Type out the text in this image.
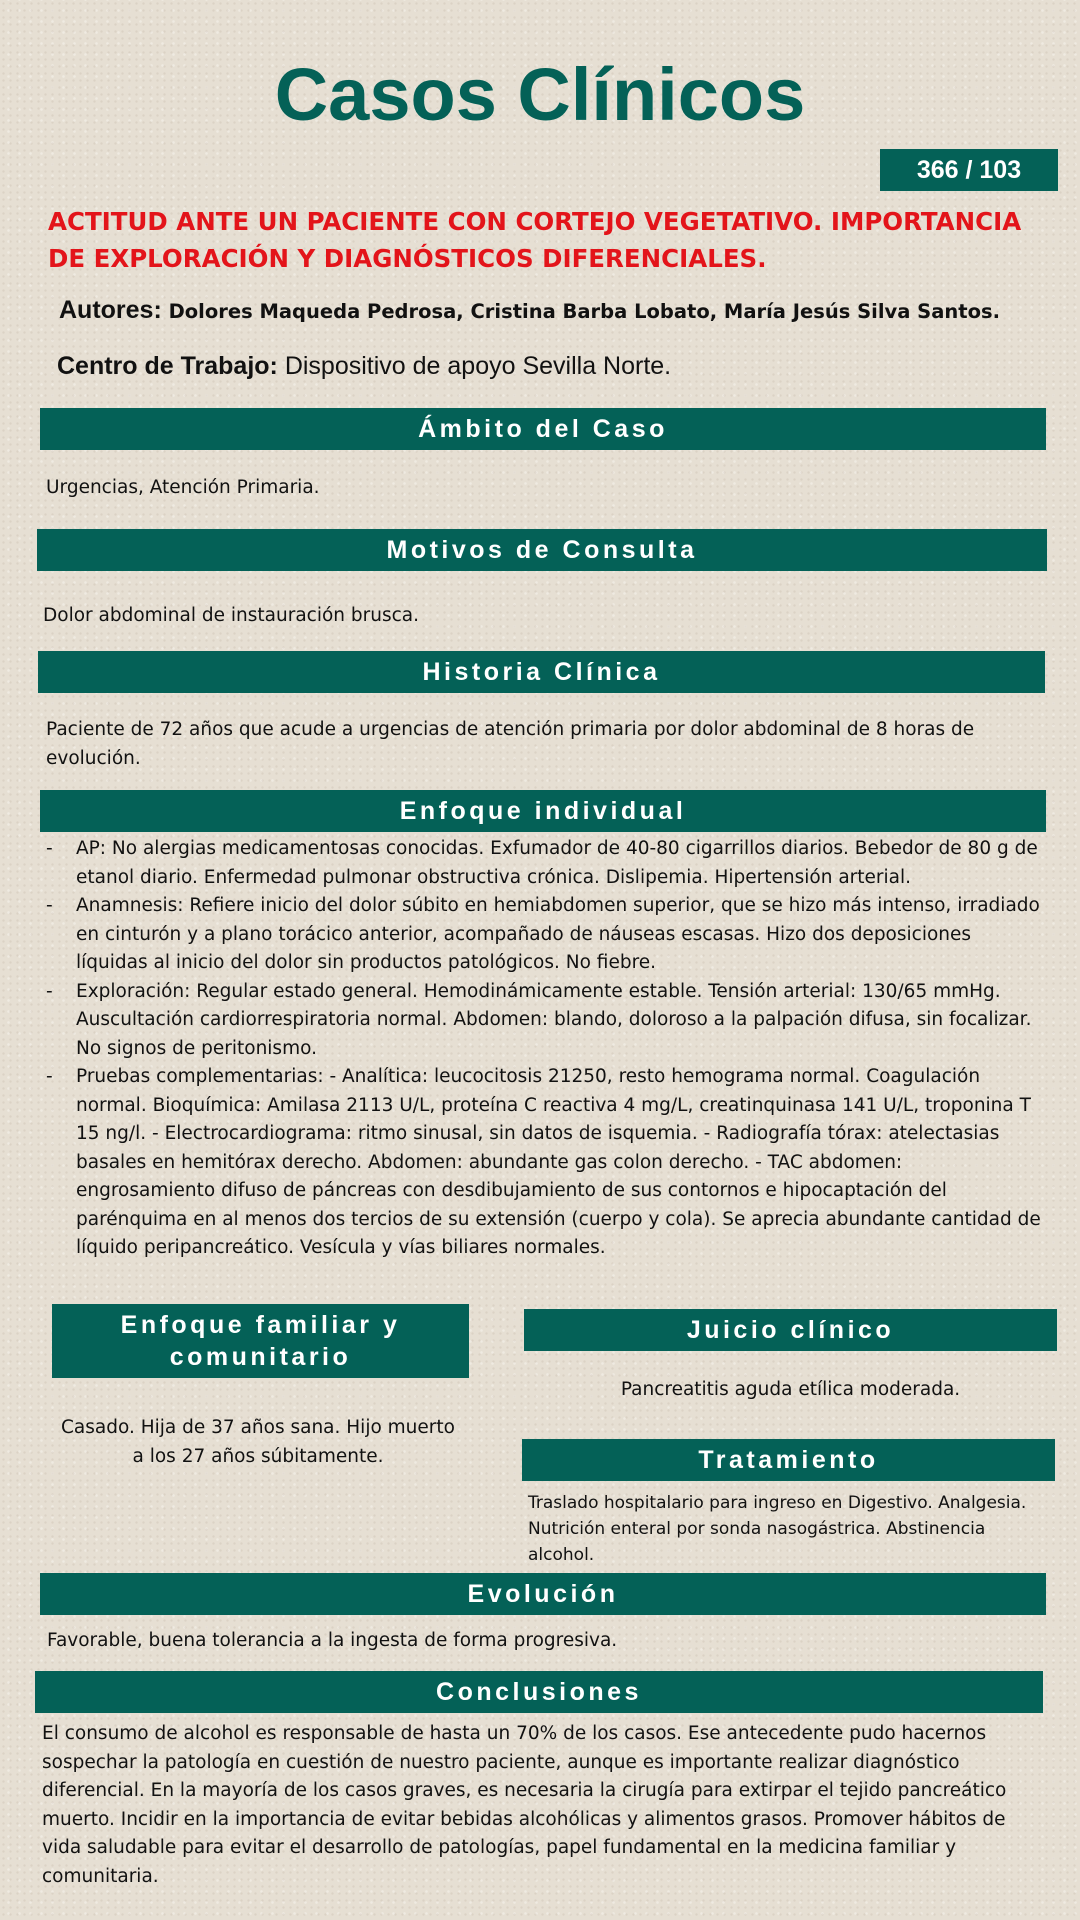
Casos Clínicos
366 / 103
ACTITUD ANTE UN PACIENTE CON CORTEJO VEGETATIVO. IMPORTANCIA DE EXPLORACIÓN Y DIAGNÓSTICOS DIFERENCIALES.
Autores: Dolores Maqueda Pedrosa, Cristina Barba Lobato, María Jesús Silva Santos.
Centro de Trabajo: Dispositivo de apoyo Sevilla Norte.
Ámbito del Caso
Urgencias, Atención Primaria.
Motivos de Consulta
Dolor abdominal de instauración brusca.
Historia Clínica
Paciente de 72 años que acude a urgencias de atención primaria por dolor abdominal de 8 horas de evolución.
Enfoque individual
- AP: No alergias medicamentosas conocidas. Exfumador de 40-80 cigarrillos diarios. Bebedor de 80 g de etanol diario. Enfermedad pulmonar obstructiva crónica. Dislipemia. Hipertensión arterial.
- Anamnesis: Refiere inicio del dolor súbito en hemiabdomen superior, que se hizo más intenso, irradiado en cinturón y a plano torácico anterior, acompañado de náuseas escasas. Hizo dos deposiciones líquidas al inicio del dolor sin productos patológicos. No fiebre.
- Exploración: Regular estado general. Hemodinámicamente estable. Tensión arterial: 130/65 mmHg. Auscultación cardiorrespiratoria normal. Abdomen: blando, doloroso a la palpación difusa, sin focalizar. No signos de peritonismo.
- Pruebas complementarias: - Analítica: leucocitosis 21250, resto hemograma normal. Coagulación normal. Bioquímica: Amilasa 2113 U/L, proteína C reactiva 4 mg/L, creatinquinasa 141 U/L, troponina T 15 ng/l. - Electrocardiograma: ritmo sinusal, sin datos de isquemia. - Radiografía tórax: atelectasias basales en hemitórax derecho. Abdomen: abundante gas colon derecho. - TAC abdomen: engrosamiento difuso de páncreas con desdibujamiento de sus contornos e hipocaptación del parénquima en al menos dos tercios de su extensión (cuerpo y cola). Se aprecia abundante cantidad de líquido peripancreático. Vesícula y vías biliares normales.
Enfoque familiar y comunitario
Casado. Hija de 37 años sana. Hijo muerto a los 27 años súbitamente.
Juicio clínico
Pancreatitis aguda etílica moderada.
Tratamiento
Traslado hospitalario para ingreso en Digestivo. Analgesia. Nutrición enteral por sonda nasogástrica. Abstinencia alcohol.
Evolución
Favorable, buena tolerancia a la ingesta de forma progresiva.
Conclusiones
El consumo de alcohol es responsable de hasta un 70% de los casos. Ese antecedente pudo hacernos sospechar la patología en cuestión de nuestro paciente, aunque es importante realizar diagnóstico diferencial. En la mayoría de los casos graves, es necesaria la cirugía para extirpar el tejido pancreático muerto. Incidir en la importancia de evitar bebidas alcohólicas y alimentos grasos. Promover hábitos de vida saludable para evitar el desarrollo de patologías, papel fundamental en la medicina familiar y comunitaria.
